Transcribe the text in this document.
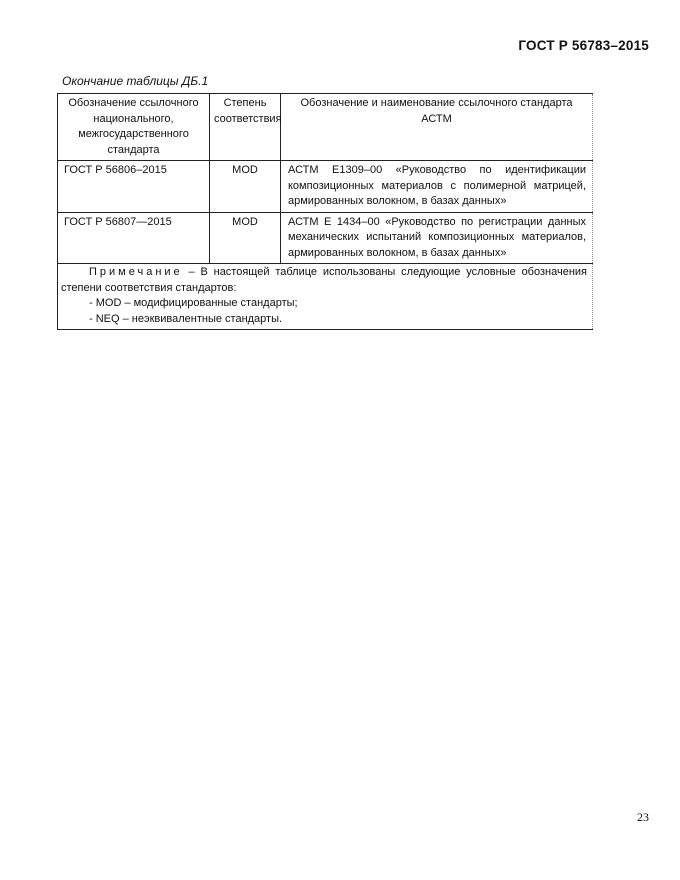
ГОСТ Р 56783–2015
Окончание таблицы ДБ.1
Обозначение ссылочного национального, межгосударственного стандарта	Степень соответствия	Обозначение и наименование ссылочного стандарта АСТМ
ГОСТ Р 56806–2015	MOD	АСТМ Е1309–00 «Руководство по идентификации композиционных материалов с полимерной матрицей, армированных волокном, в базах данных»
ГОСТ Р 56807—2015	MOD	АСТМ Е 1434–00 «Руководство по регистрации данных механических испытаний композиционных материалов, армированных волокном, в базах данных»

Примечание – В настоящей таблице использованы следующие условные обозначения степени соответствия стандартов:
- MOD – модифицированные стандарты;
- NEQ – неэквивалентные стандарты.		
23
